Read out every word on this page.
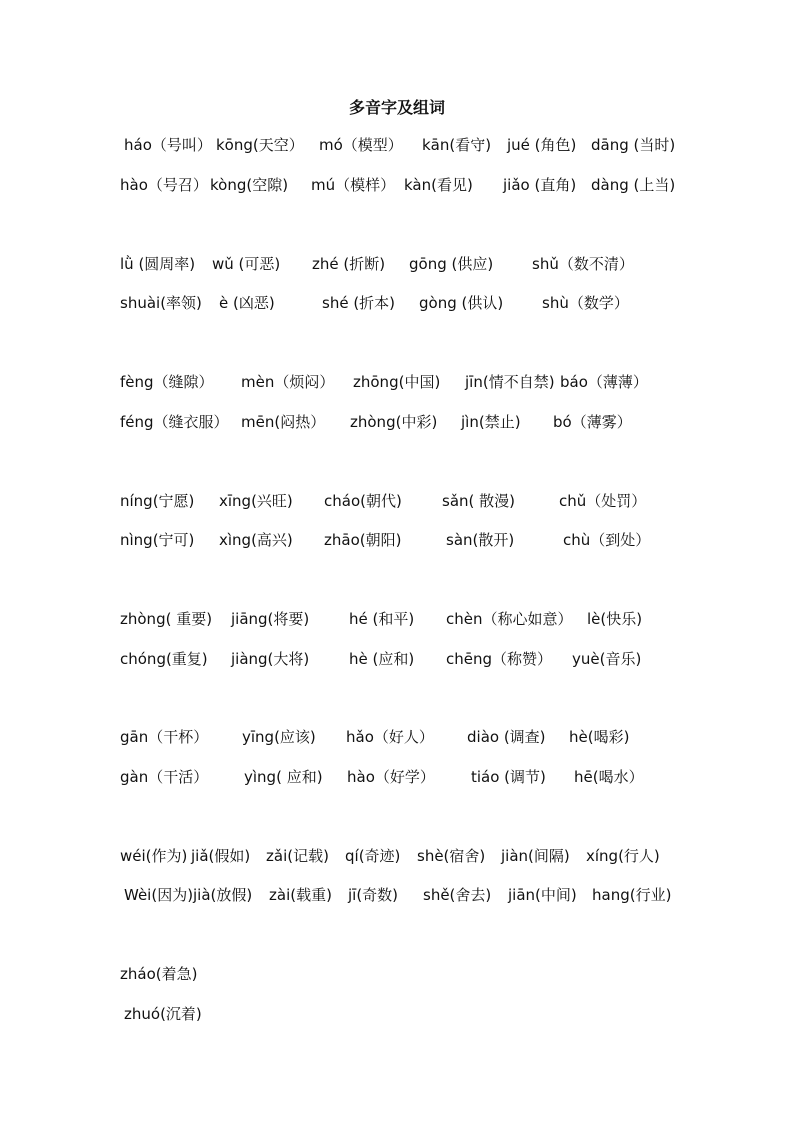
多音字及组词
háo（号叫） kōng(天空） mó（模型） kān(看守) jué (角色) dāng (当时)
hào（号召） kòng(空隙) mú（模样） kàn(看见) jiǎo (直角) dàng (上当)
lǜ (圆周率) wǔ (可恶) zhé (折断) gōng (供应)	shǔ（数不清）
shuài(率领) è (凶恶)	shé (折本) gòng (供认)	shù（数学）
fèng（缝隙） mèn（烦闷） zhōng(中国) jīn(情不自禁) báo（薄薄）
féng（缝衣服） mēn(闷热） zhòng(中彩) jìn(禁止) bó（薄雾）
níng(宁愿) xīng(兴旺) cháo(朝代)	sǎn( 散漫)	chǔ（处罚）
nìng(宁可) xìng(高兴) zhāo(朝阳)	sàn(散开)	chù（到处）
zhòng( 重要) jiāng(将要)	hé (和平) chèn（称心如意） lè(快乐)
chóng(重复) jiàng(大将)	hè (应和) chēng（称赞） yuè(音乐)
gān（干杯） yīng(应该) hǎo（好人） diào (调查) hè(喝彩)
gàn（干活） yìng( 应和) hào（好学） tiáo (调节) hē(喝水）
wéi(作为) jiǎ(假如) zǎi(记载) qí(奇迹) shè(宿舍) jiàn(间隔) xíng(行人)
Wèi(因为) jià(放假) zài(载重) jī(奇数) shě(舍去) jiān(中间) hang(行业)
zháo(着急)
zhuó(沉着)
